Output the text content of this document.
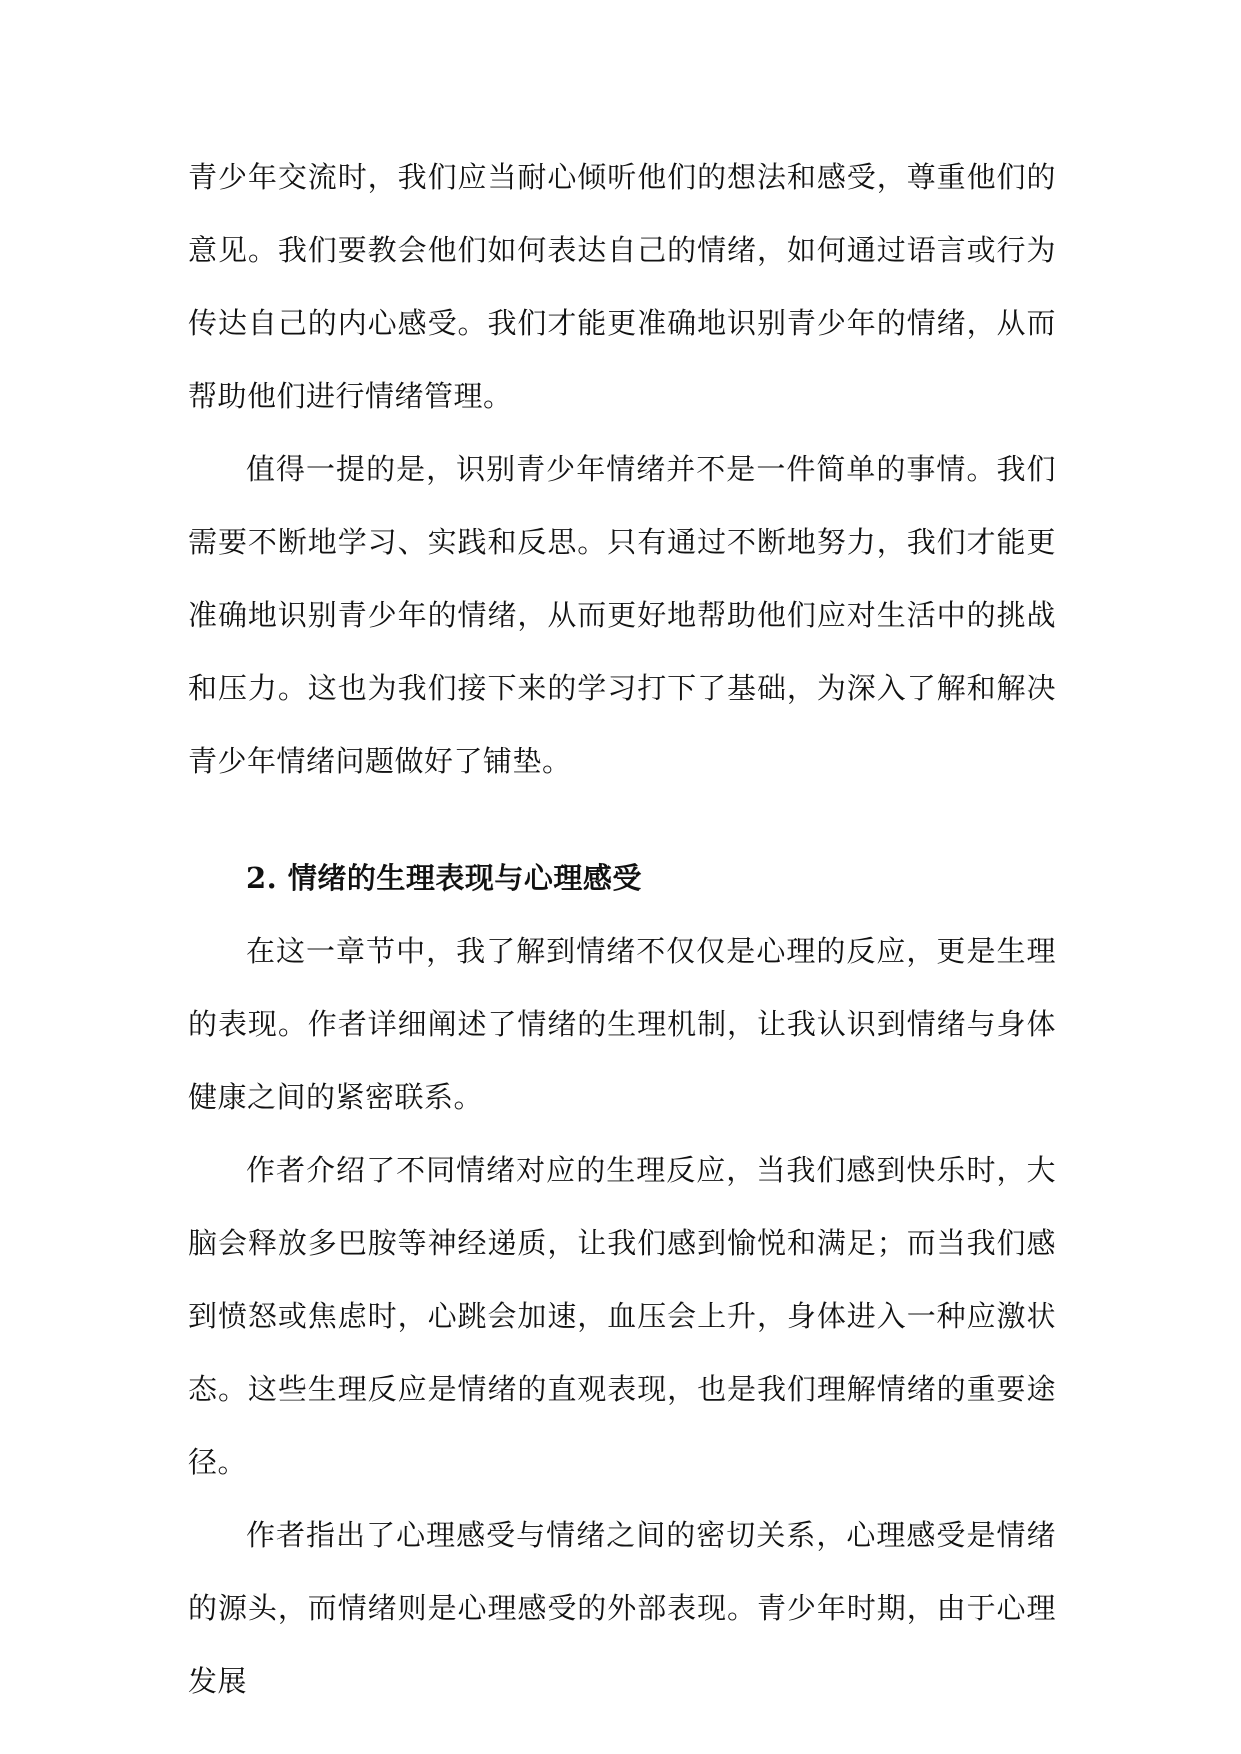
青少年交流时，我们应当耐心倾听他们的想法和感受，尊重他们的意见。我们要教会他们如何表达自己的情绪，如何通过语言或行为传达自己的内心感受。我们才能更准确地识别青少年的情绪，从而帮助他们进行情绪管理。

值得一提的是，识别青少年情绪并不是一件简单的事情。我们需要不断地学习、实践和反思。只有通过不断地努力，我们才能更准确地识别青少年的情绪，从而更好地帮助他们应对生活中的挑战和压力。这也为我们接下来的学习打下了基础，为深入了解和解决青少年情绪问题做好了铺垫。

2. 情绪的生理表现与心理感受

在这一章节中，我了解到情绪不仅仅是心理的反应，更是生理的表现。作者详细阐述了情绪的生理机制，让我认识到情绪与身体健康之间的紧密联系。

作者介绍了不同情绪对应的生理反应，当我们感到快乐时，大脑会释放多巴胺等神经递质，让我们感到愉悦和满足；而当我们感到愤怒或焦虑时，心跳会加速，血压会上升，身体进入一种应激状态。这些生理反应是情绪的直观表现，也是我们理解情绪的重要途径。

作者指出了心理感受与情绪之间的密切关系，心理感受是情绪的源头，而情绪则是心理感受的外部表现。青少年时期，由于心理发展
